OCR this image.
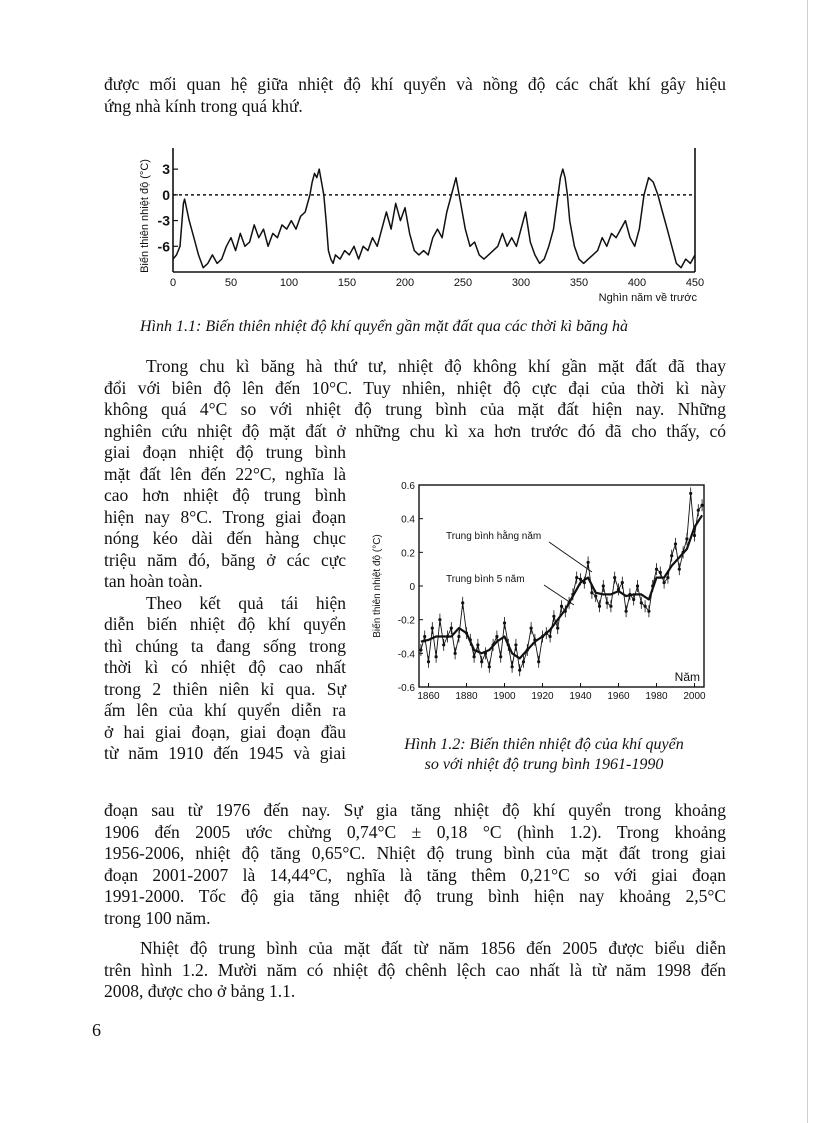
được mối quan hệ giữa nhiệt độ khí quyển và nồng độ các chất khí gây hiệu
ứng nhà kính trong quá khứ.
3
0
-3
-6
0	50	100	150	200	250	300	350	400	450
Biến thiên nhiệt độ (°C)
Nghìn năm về trước
Hình 1.1: Biến thiên nhiệt độ khí quyển gần mặt đất qua các thời kì băng hà
Trong chu kì băng hà thứ tư, nhiệt độ không khí gần mặt đất đã thay
đổi với biên độ lên đến 10°C. Tuy nhiên, nhiệt độ cực đại của thời kì này
không quá 4°C so với nhiệt độ trung bình của mặt đất hiện nay. Những
nghiên cứu nhiệt độ mặt đất ở những chu kì xa hơn trước đó đã cho thấy, có
giai đoạn nhiệt độ trung bình
mặt đất lên đến 22°C, nghĩa là
cao hơn nhiệt độ trung bình
hiện nay 8°C. Trong giai đoạn
nóng kéo dài đến hàng chục
triệu năm đó, băng ở các cực
tan hoàn toàn.
Theo kết quả tái hiện
diễn biến nhiệt độ khí quyển
thì chúng ta đang sống trong
thời kì có nhiệt độ cao nhất
trong 2 thiên niên kỉ qua. Sự
ấm lên của khí quyển diễn ra
ở hai giai đoạn, giai đoạn đầu
từ năm 1910 đến 1945 và giai
0.6
0.4
0.2
0
-0.2
-0.4
-0.6
1860 1880 1900 1920 1940 1960 1980 2000
Trung bình hằng năm
Trung bình 5 năm
Năm
Biến thiên nhiệt độ (°C)
Hình 1.2: Biến thiên nhiệt độ của khí quyển
so với nhiệt độ trung bình 1961-1990
đoạn sau từ 1976 đến nay. Sự gia tăng nhiệt độ khí quyển trong khoảng
1906 đến 2005 ước chừng 0,74°C ± 0,18 °C (hình 1.2). Trong khoảng
1956-2006, nhiệt độ tăng 0,65°C. Nhiệt độ trung bình của mặt đất trong giai
đoạn 2001-2007 là 14,44°C, nghĩa là tăng thêm 0,21°C so với giai đoạn
1991-2000. Tốc độ gia tăng nhiệt độ trung bình hiện nay khoảng 2,5°C
trong 100 năm.
Nhiệt độ trung bình của mặt đất từ năm 1856 đến 2005 được biểu diễn
trên hình 1.2. Mười năm có nhiệt độ chênh lệch cao nhất là từ năm 1998 đến
2008, được cho ở bảng 1.1.
6
